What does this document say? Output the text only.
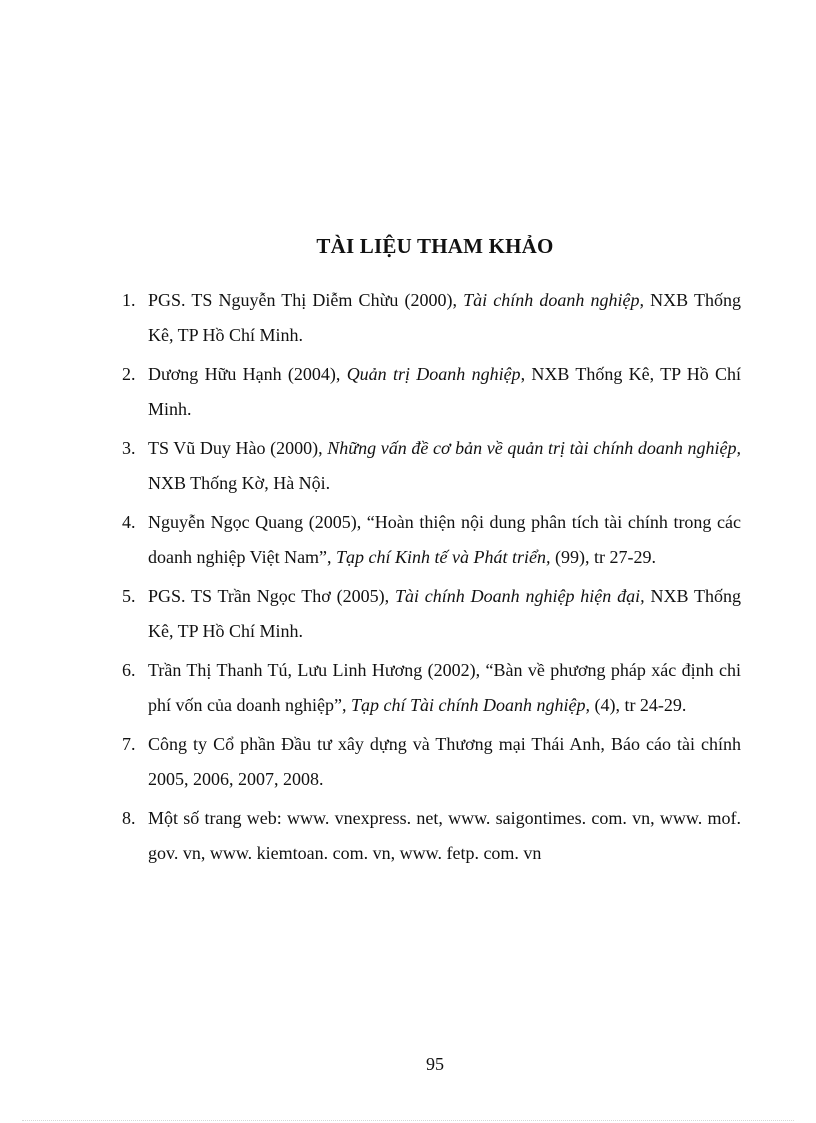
TÀI LIỆU THAM KHẢO
1. PGS. TS Nguyễn Thị Diễm Chừu (2000), Tài chính doanh nghiệp, NXB Thống Kê, TP Hồ Chí Minh.
2. Dương Hữu Hạnh (2004), Quản trị Doanh nghiệp, NXB Thống Kê, TP Hồ Chí Minh.
3. TS Vũ Duy Hào (2000), Những vấn đề cơ bản về quản trị tài chính doanh nghiệp, NXB Thống Kờ, Hà Nội.
4. Nguyễn Ngọc Quang (2005), “Hoàn thiện nội dung phân tích tài chính trong các doanh nghiệp Việt Nam”, Tạp chí Kinh tế và Phát triển, (99), tr 27-29.
5. PGS. TS Trần Ngọc Thơ (2005), Tài chính Doanh nghiệp hiện đại, NXB Thống Kê, TP Hồ Chí Minh.
6. Trần Thị Thanh Tú, Lưu Linh Hương (2002), “Bàn về phương pháp xác định chi phí vốn của doanh nghiệp”, Tạp chí Tài chính Doanh nghiệp, (4), tr 24-29.
7. Công ty Cổ phần Đầu tư xây dựng và Thương mại Thái Anh, Báo cáo tài chính 2005, 2006, 2007, 2008.
8. Một số trang web: www. vnexpress. net, www. saigontimes. com. vn, www. mof. gov. vn, www. kiemtoan. com. vn, www. fetp. com. vn
95
